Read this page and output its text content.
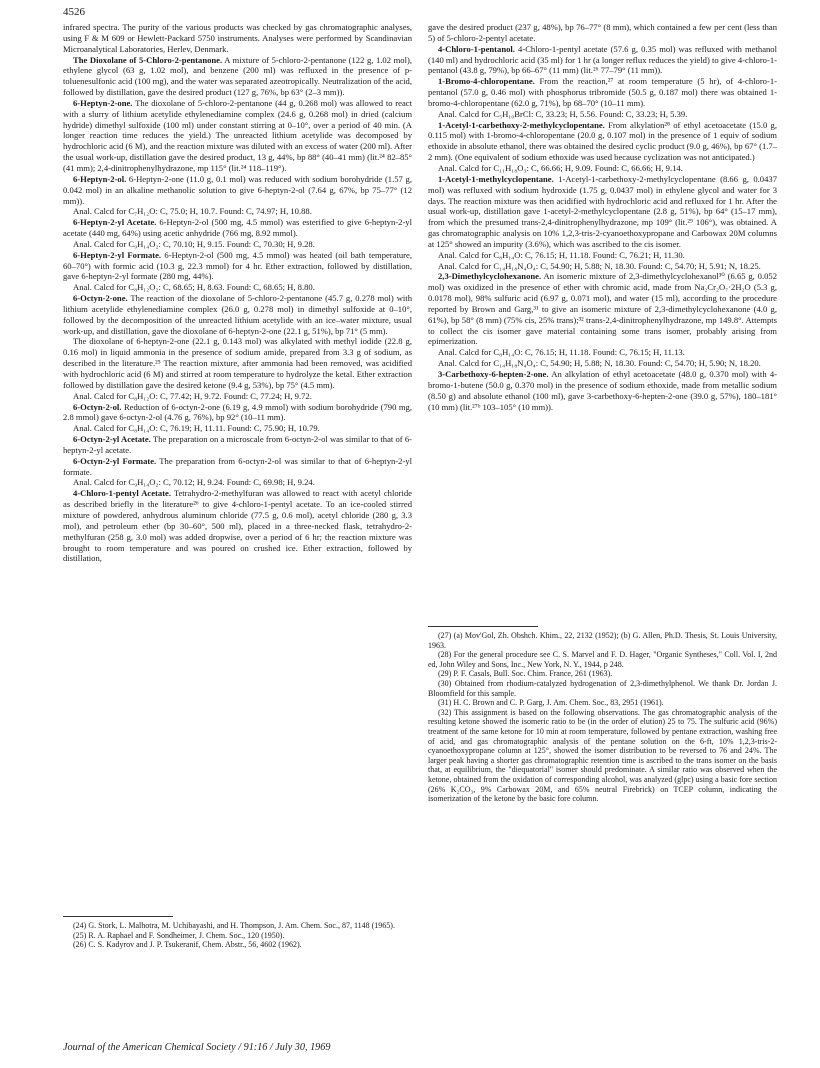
4526

infrared spectra. The purity of the various products was checked by gas chromatographic analyses, using F & M 609 or Hewlett-Packard 5750 instruments. Analyses were performed by Scandinavian Microanalytical Laboratories, Herlev, Denmark.

The Dioxolane of 5-Chloro-2-pentanone. A mixture of 5-chloro-2-pentanone (122 g, 1.02 mol), ethylene glycol (63 g, 1.02 mol), and benzene (200 ml) was refluxed in the presence of p-toluenesulfonic acid (100 mg), and the water was separated azeotropically. Neutralization of the acid, followed by distillation, gave the desired product (127 g, 76%, bp 63° (2–3 mm)).

6-Heptyn-2-one. The dioxolane of 5-chloro-2-pentanone (44 g, 0.268 mol) was allowed to react with a slurry of lithium acetylide ethylenediamine complex (24.6 g, 0.268 mol) in dried (calcium hydride) dimethyl sulfoxide (100 ml) under constant stirring at 0–10°, over a period of 40 min. (A longer reaction time reduces the yield.) The unreacted lithium acetylide was decomposed by hydrochloric acid (6 M), and the reaction mixture was diluted with an excess of water (200 ml). After the usual work-up, distillation gave the desired product, 13 g, 44%, bp 88° (40–41 mm) (lit.²⁴ 82–85° (41 mm); 2,4-dinitrophenylhydrazone, mp 115° (lit.²⁴ 118–119°).

6-Heptyn-2-ol. 6-Heptyn-2-one (11.0 g, 0.1 mol) was reduced with sodium borohydride (1.57 g, 0.042 mol) in an alkaline methanolic solution to give 6-heptyn-2-ol (7.64 g, 67%, bp 75–77° (12 mm)).

Anal. Calcd for C₇H₁₂O: C, 75.0; H, 10.7. Found: C, 74.97; H, 10.88.

6-Heptyn-2-yl Acetate. 6-Heptyn-2-ol (500 mg, 4.5 mmol) was esterified to give 6-heptyn-2-yl acetate (440 mg, 64%) using acetic anhydride (766 mg, 8.92 mmol).

Anal. Calcd for C₉H₁₄O₂: C, 70.10; H, 9.15. Found: C, 70.30; H, 9.28.

6-Heptyn-2-yl Formate. 6-Heptyn-2-ol (500 mg, 4.5 mmol) was heated (oil bath temperature, 60–70°) with formic acid (10.3 g, 22.3 mmol) for 4 hr. Ether extraction, followed by distillation, gave 6-heptyn-2-yl formate (280 mg, 44%).

Anal. Calcd for C₈H₁₂O₂: C, 68.65; H, 8.63. Found: C, 68.65; H, 8.80.

6-Octyn-2-one. The reaction of the dioxolane of 5-chloro-2-pentanone (45.7 g, 0.278 mol) with lithium acetylide ethylenediamine complex (26.0 g, 0.278 mol) in dimethyl sulfoxide at 0–10°, followed by the decomposition of the unreacted lithium acetylide with an ice–water mixture, usual work-up, and distillation, gave the dioxolane of 6-heptyn-2-one (22.1 g, 51%), bp 71° (5 mm).

The dioxolane of 6-heptyn-2-one (22.1 g, 0.143 mol) was alkylated with methyl iodide (22.8 g, 0.16 mol) in liquid ammonia in the presence of sodium amide, prepared from 3.3 g of sodium, as described in the literature.²⁵ The reaction mixture, after ammonia had been removed, was acidified with hydrochloric acid (6 M) and stirred at room temperature to hydrolyze the ketal. Ether extraction followed by distillation gave the desired ketone (9.4 g, 53%), bp 75° (4.5 mm).

Anal. Calcd for C₈H₁₂O: C, 77.42; H, 9.72. Found: C, 77.24; H, 9.72.

6-Octyn-2-ol. Reduction of 6-octyn-2-one (6.19 g, 4.9 mmol) with sodium borohydride (790 mg, 2.8 mmol) gave 6-octyn-2-ol (4.76 g, 76%), bp 92° (10–11 mm).

Anal. Calcd for C₈H₁₄O: C, 76.19; H, 11.11. Found: C, 75.90; H, 10.79.

6-Octyn-2-yl Acetate. The preparation on a microscale from 6-octyn-2-ol was similar to that of 6-heptyn-2-yl acetate.

6-Octyn-2-yl Formate. The preparation from 6-octyn-2-ol was similar to that of 6-heptyn-2-yl formate.

Anal. Calcd for C₉H₁₄O₂: C, 70.12; H, 9.24. Found: C, 69.98; H, 9.24.

4-Chloro-1-pentyl Acetate. Tetrahydro-2-methylfuran was allowed to react with acetyl chloride as described briefly in the literature²⁶ to give 4-chloro-1-pentyl acetate. To an ice-cooled stirred mixture of powdered, anhydrous aluminum chloride (77.5 g, 0.6 mol), acetyl chloride (280 g, 3.3 mol), and petroleum ether (bp 30–60°, 500 ml), placed in a three-necked flask, tetrahydro-2-methylfuran (258 g, 3.0 mol) was added dropwise, over a period of 6 hr; the reaction mixture was brought to room temperature and was poured on crushed ice. Ether extraction, followed by distillation,

(24) G. Stork, L. Malhotra, M. Uchibayashi, and H. Thompson, J. Am. Chem. Soc., 87, 1148 (1965).

(25) R. A. Raphael and F. Sondheimer, J. Chem. Soc., 120 (1950).

(26) C. S. Kadyrov and J. P. Tsukeranif, Chem. Abstr., 56, 4602 (1962).

gave the desired product (237 g, 48%), bp 76–77° (8 mm), which contained a few per cent (less than 5) of 5-chloro-2-pentyl acetate.

4-Chloro-1-pentanol. 4-Chloro-1-pentyl acetate (57.6 g, 0.35 mol) was refluxed with methanol (140 ml) and hydrochloric acid (35 ml) for 1 hr (a longer reflux reduces the yield) to give 4-chloro-1-pentanol (43.8 g, 79%), bp 66–67° (11 mm) (lit.²⁶ 77–79° (11 mm)).

1-Bromo-4-chloropentane. From the reaction,²⁷ at room temperature (5 hr), of 4-chloro-1-pentanol (57.0 g, 0.46 mol) with phosphorus tribromide (50.5 g, 0.187 mol) there was obtained 1-bromo-4-chloropentane (62.0 g, 71%), bp 68–70° (10–11 mm).

Anal. Calcd for C₅H₁₀BrCl: C, 33.23; H, 5.56. Found: C, 33.23; H, 5.39.

1-Acetyl-1-carbethoxy-2-methylcyclopentane. From alkylation²⁸ of ethyl acetoacetate (15.0 g, 0.115 mol) with 1-bromo-4-chloropentane (20.0 g, 0.107 mol) in the presence of 1 equiv of sodium ethoxide in absolute ethanol, there was obtained the desired cyclic product (9.0 g, 46%), bp 67° (1.7–2 mm). (One equivalent of sodium ethoxide was used because cyclization was not anticipated.)

Anal. Calcd for C₁₁H₁₈O₃: C, 66.66; H, 9.09. Found: C, 66.66; H, 9.14.

1-Acetyl-1-methylcyclopentane. 1-Acetyl-1-carbethoxy-2-methylcyclopentane (8.66 g, 0.0437 mol) was refluxed with sodium hydroxide (1.75 g, 0.0437 mol) in ethylene glycol and water for 3 days. The reaction mixture was then acidified with hydrochloric acid and refluxed for 1 hr. After the usual work-up, distillation gave 1-acetyl-2-methylcyclopentane (2.8 g, 51%), bp 64° (15–17 mm), from which the presumed trans-2,4-dinitrophenylhydrazone, mp 109° (lit.²⁹ 106°), was obtained. A gas chromatographic analysis on 10% 1,2,3-tris-2-cyanoethoxypropane and Carbowax 20M columns at 125° showed an impurity (3.6%), which was ascribed to the cis isomer.

Anal. Calcd for C₈H₁₄O: C, 76.15; H, 11.18. Found: C, 76.21; H, 11.30.

Anal. Calcd for C₁₄H₁₈N₄O₄: C, 54.90; H, 5.88; N, 18.30. Found: C, 54.70; H, 5.91; N, 18.25.

2,3-Dimethylcyclohexanone. An isomeric mixture of 2,3-dimethylcyclohexanol³⁰ (6.65 g, 0.052 mol) was oxidized in the presence of ether with chromic acid, made from Na₂Cr₂O₇·2H₂O (5.3 g, 0.0178 mol), 98% sulfuric acid (6.97 g, 0.071 mol), and water (15 ml), according to the procedure reported by Brown and Garg,³¹ to give an isomeric mixture of 2,3-dimethylcyclohexanone (4.0 g, 61%), bp 58° (8 mm) (75% cis, 25% trans);³² trans-2,4-dinitrophenylhydrazone, mp 149.8°. Attempts to collect the cis isomer gave material containing some trans isomer, probably arising from epimerization.

Anal. Calcd for C₈H₁₄O: C, 76.15; H, 11.18. Found: C, 76.15; H, 11.13.

Anal. Calcd for C₁₄H₁₈N₄O₄: C, 54.90; H, 5.88; N, 18.30. Found: C, 54.70; H, 5.90; N, 18.20.

3-Carbethoxy-6-hepten-2-one. An alkylation of ethyl acetoacetate (48.0 g, 0.370 mol) with 4-bromo-1-butene (50.0 g, 0.370 mol) in the presence of sodium ethoxide, made from metallic sodium (8.50 g) and absolute ethanol (100 ml), gave 3-carbethoxy-6-hepten-2-one (39.0 g, 57%), 180–181° (10 mm) (lit.²⁷ᵇ 103–105° (10 mm)).

(27) (a) Mov'Gol, Zh. Obshch. Khim., 22, 2132 (1952); (b) G. Allen, Ph.D. Thesis, St. Louis University, 1963.

(28) For the general procedure see C. S. Marvel and F. D. Hager, "Organic Syntheses," Coll. Vol. I, 2nd ed, John Wiley and Sons, Inc., New York, N. Y., 1944, p 248.

(29) P. F. Casals, Bull. Soc. Chim. France, 261 (1963).

(30) Obtained from rhodium-catalyzed hydrogenation of 2,3-dimethylphenol. We thank Dr. Jordan J. Bloomfield for this sample.

(31) H. C. Brown and C. P. Garg, J. Am. Chem. Soc., 83, 2951 (1961).

(32) This assignment is based on the following observations. The gas chromatographic analysis of the resulting ketone showed the isomeric ratio to be (in the order of elution) 25 to 75. The sulfuric acid (96%) treatment of the same ketone for 10 min at room temperature, followed by pentane extraction, washing free of acid, and gas chromatographic analysis of the pentane solution on the 6-ft, 10% 1,2,3-tris-2-cyanoethoxypropane column at 125°, showed the isomer distribution to be reversed to 76 and 24%. The larger peak having a shorter gas chromatographic retention time is ascribed to the trans isomer on the basis that, at equilibrium, the "diequatorial" isomer should predominate. A similar ratio was observed when the ketone, obtained from the oxidation of corresponding alcohol, was analyzed (glpc) using a basic fore section (26% K₂CO₃, 9% Carbowax 20M, and 65% neutral Firebrick) on TCEP column, indicating the isomerization of the ketone by the basic fore column.

Journal of the American Chemical Society / 91:16 / July 30, 1969
